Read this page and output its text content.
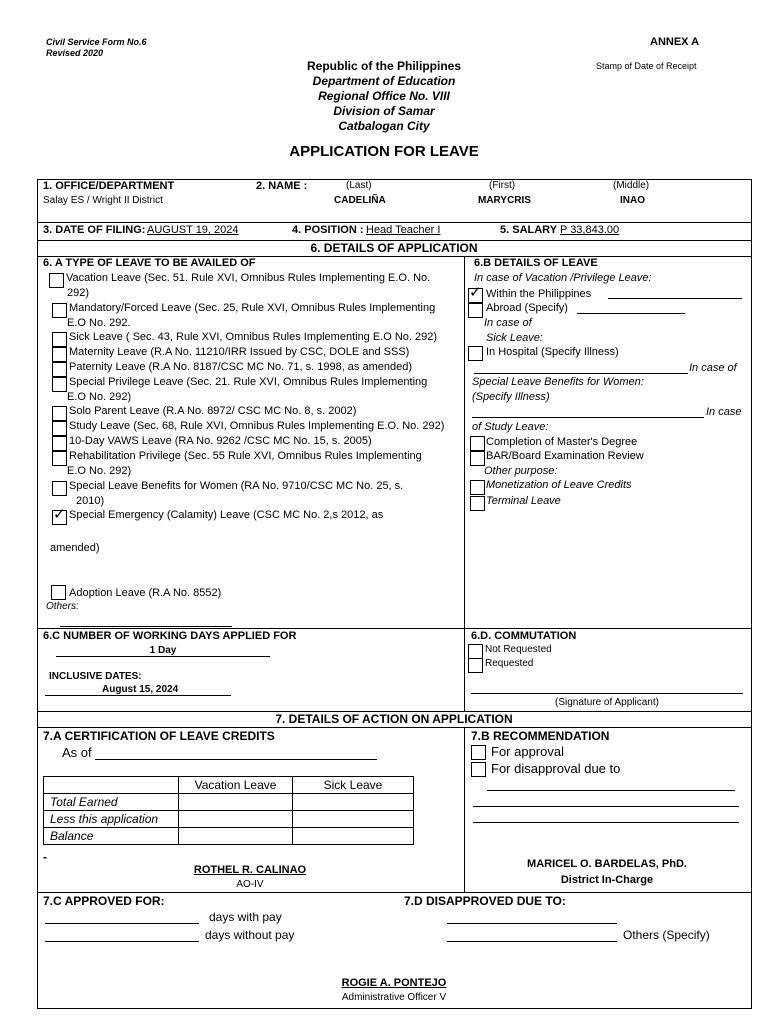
Civil Service Form No.6
Revised 2020
ANNEX A
Stamp of Date of Receipt
Republic of the Philippines
Department of Education
Regional Office No. VIII
Division of Samar
Catbalogan City
APPLICATION FOR LEAVE
1. OFFICE/DEPARTMENT
Salay ES / Wright II District
2. NAME :	(Last)	(First)	(Middle)
CADELIÑA	MARYCRIS	INAO
3. DATE OF FILING: AUGUST 19, 2024	4. POSITION : Head Teacher I	5. SALARY P 33,843.00
6. DETAILS OF APPLICATION
6. A TYPE OF LEAVE TO BE AVAILED OF
Vacation Leave (Sec. 51. Rule XVI, Omnibus Rules Implementing E.O. No.
292)
Mandatory/Forced Leave (Sec. 25, Rule XVI, Omnibus Rules Implementing
E.O No. 292.
Sick Leave ( Sec. 43, Rule XVI, Omnibus Rules Implementing E.O No. 292)
Maternity Leave (R.A No. 11210/IRR Issued by CSC, DOLE and SSS)
Paternity Leave (R.A No. 8187/CSC MC No. 71, s. 1998, as amended)
Special Privilege Leave (Sec. 21. Rule XVI, Omnibus Rules Implementing
E.O No. 292)
Solo Parent Leave (R.A No. 8972/ CSC MC No. 8, s. 2002)
Study Leave (Sec. 68, Rule XVI, Omnibus Rules Implementing E.O. No. 292)
10-Day VAWS Leave (RA No. 9262 /CSC MC No. 15, s. 2005)
Rehabilitation Privilege (Sec. 55 Rule XVI, Omnibus Rules Implementing
E.O No. 292)
Special Leave Benefits for Women (RA No. 9710/CSC MC No. 25, s.
2010)
✓ Special Emergency (Calamity) Leave (CSC MC No. 2,s 2012, as
amended)
Adoption Leave (R.A No. 8552)
Others:
6.B DETAILS OF LEAVE
In case of Vacation /Privilege Leave:
✓ Within the Philippines
Abroad (Specify)
In case of
Sick Leave:
In Hospital (Specify Illness)
In case of
Special Leave Benefits for Women:
(Specify Illness)
In case
of Study Leave:
Completion of Master's Degree
BAR/Board Examination Review
Other purpose:
Monetization of Leave Credits
Terminal Leave
6.C NUMBER OF WORKING DAYS APPLIED FOR
1 Day
INCLUSIVE DATES:
August 15, 2024
6.D. COMMUTATION
Not Requested
Requested
(Signature of Applicant)
7. DETAILS OF ACTION ON APPLICATION
7.A CERTIFICATION OF LEAVE CREDITS
As of
	Vacation Leave	Sick Leave
Total Earned		
Less this application		
Balance		
-
ROTHEL R. CALINAO
AO-IV
7.B RECOMMENDATION
For approval
For disapproval due to
MARICEL O. BARDELAS, PhD.
District In-Charge
7.C APPROVED FOR:
days with pay
days without pay
7.D DISAPPROVED DUE TO:
Others (Specify)
ROGIE A. PONTEJO
Administrative Officer V
